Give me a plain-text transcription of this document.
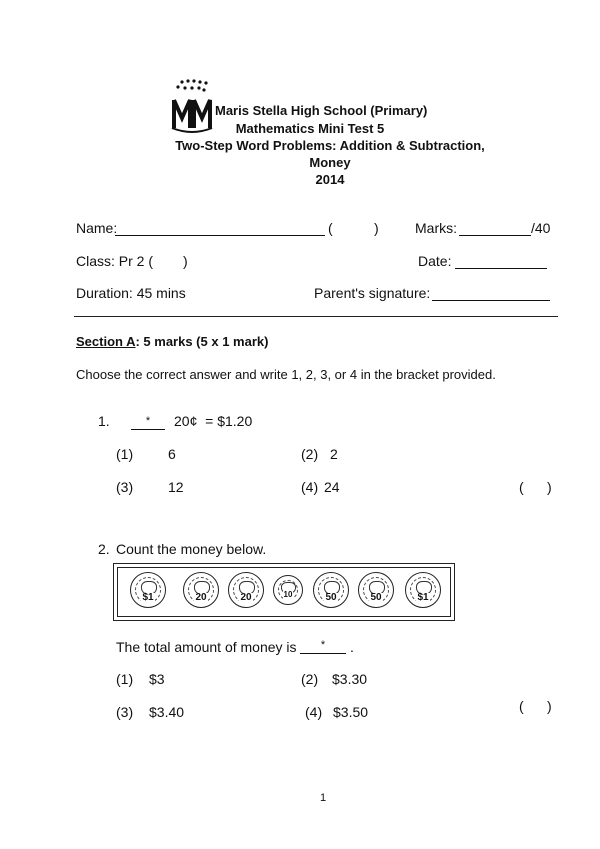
Maris Stella High School (Primary)
Mathematics Mini Test 5
Two-Step Word Problems: Addition & Subtraction,
Money
2014
Name:	(	)	Marks:	/40
Class: Pr 2 ( )	Date:
Duration: 45 mins	Parent's signature:
Section A: 5 marks (5 x 1 mark)
Choose the correct answer and write 1, 2, 3, or 4 in the bracket provided.
1.	*	20¢  = $1.20
(1) 6	(2) 2
(3) 12	(4) 24	(      )
2. Count the money below.
$1	20	20	10	50	50	$1
The total amount of money is	*	.
(1) $3	(2) $3.30
(3) $3.40	(4) $3.50	(      )
1
